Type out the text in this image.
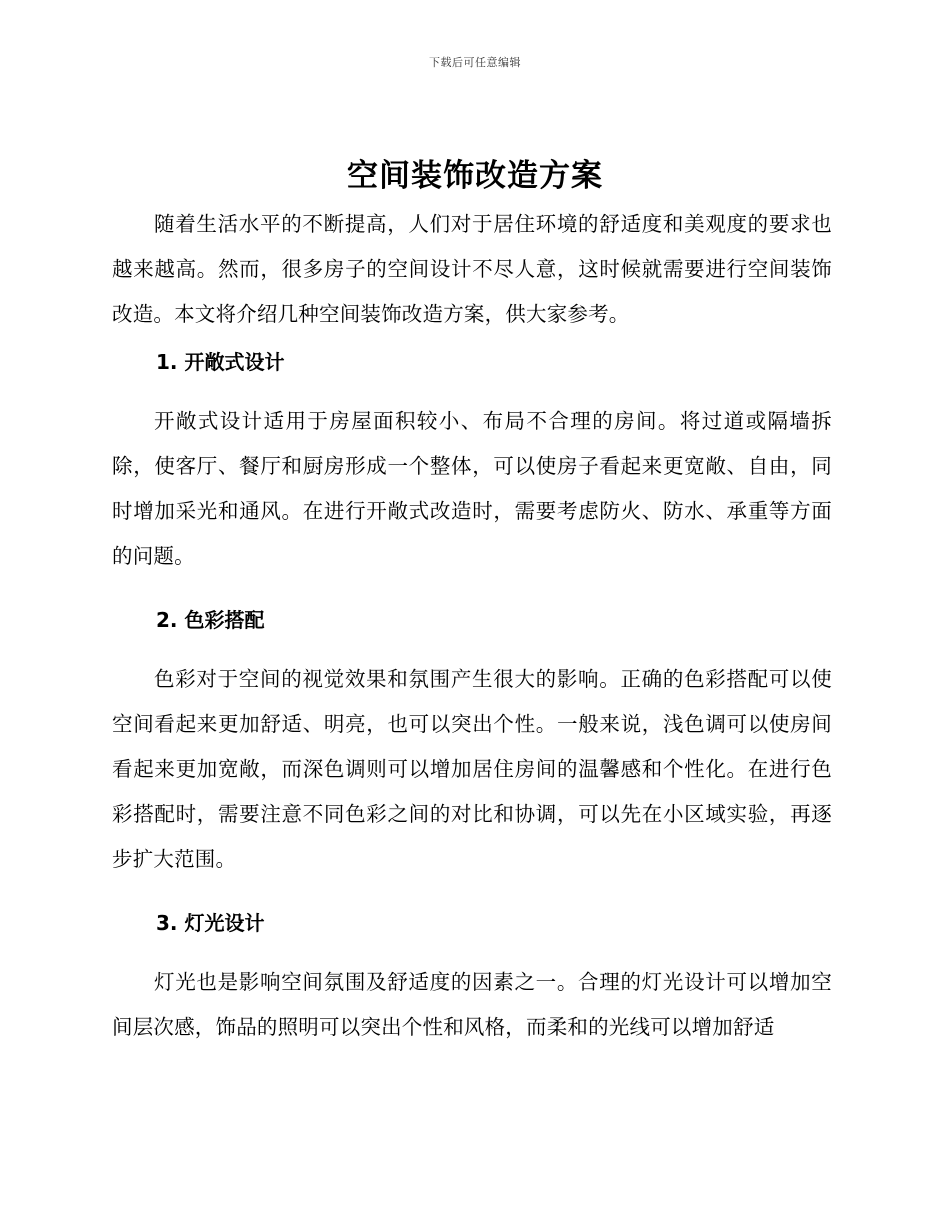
下载后可任意编辑
空间装饰改造方案

随着生活水平的不断提高，人们对于居住环境的舒适度和美观度的要求也越来越高。然而，很多房子的空间设计不尽人意，这时候就需要进行空间装饰改造。本文将介绍几种空间装饰改造方案，供大家参考。

1. 开敞式设计

开敞式设计适用于房屋面积较小、布局不合理的房间。将过道或隔墙拆除，使客厅、餐厅和厨房形成一个整体，可以使房子看起来更宽敞、自由，同时增加采光和通风。在进行开敞式改造时，需要考虑防火、防水、承重等方面的问题。

2. 色彩搭配

色彩对于空间的视觉效果和氛围产生很大的影响。正确的色彩搭配可以使空间看起来更加舒适、明亮，也可以突出个性。一般来说，浅色调可以使房间看起来更加宽敞，而深色调则可以增加居住房间的温馨感和个性化。在进行色彩搭配时，需要注意不同色彩之间的对比和协调，可以先在小区域实验，再逐步扩大范围。

3. 灯光设计

灯光也是影响空间氛围及舒适度的因素之一。合理的灯光设计可以增加空间层次感，饰品的照明可以突出个性和风格，而柔和的光线可以增加舒适
